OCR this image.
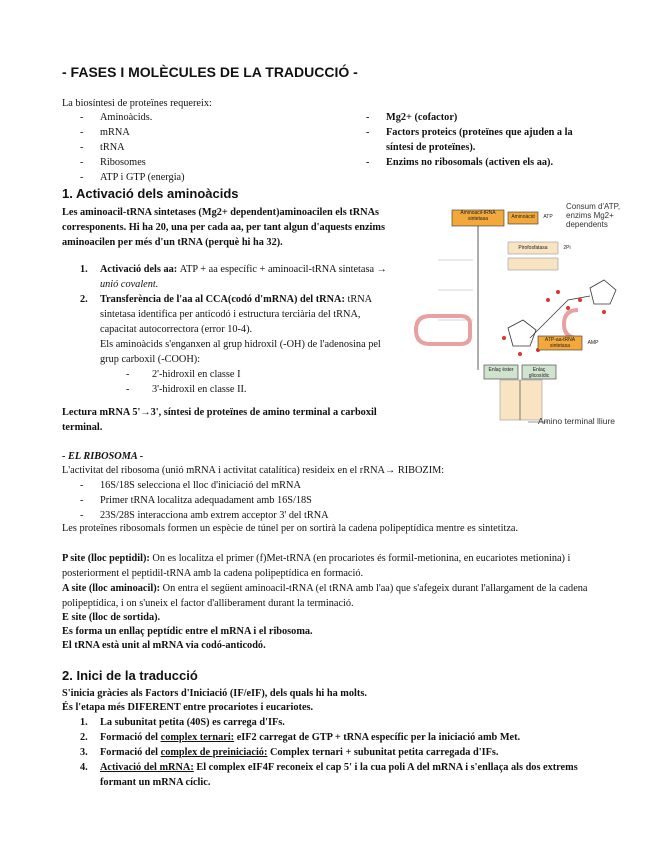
- FASES I MOLÈCULES DE LA TRADUCCIÓ -
La biosíntesi de proteïnes requereix:
- Aminoàcids.
- mRNA
- tRNA
- Ribosomes
- ATP i GTP (energia)
- Mg2+ (cofactor)
- Factors proteics (proteïnes que ajuden a la síntesi de proteïnes).
- Enzims no ribosomals (activen els aa).
1. Activació dels aminoàcids
Les aminoacil-tRNA sintetases (Mg2+ dependent)aminoacilen els tRNAs corresponents. Hi ha 20, una per cada aa, per tant algun d'aquests enzims aminoacilen per més d'un tRNA (perquè hi ha 32).
1. Activació dels aa: ATP + aa específic + aminoacil-tRNA sintetasa → unió covalent.
2. Transferència de l'aa al CCA(codó d'mRNA) del tRNA: tRNA sintetasa identifica per anticodó i estructura terciària del tRNA, capacitat autocorrectora (error 10-4).
Els aminoàcids s'enganxen al grup hidroxil (-OH) de l'adenosina pel grup carboxil (-COOH):
- 2'-hidroxil en classe I
- 3'-hidroxil en classe II.
Lectura mRNA 5'→3', síntesi de proteïnes de amino terminal a carboxil terminal.
Consum d'ATP, enzims Mg2+ dependents
Amino terminal lliure
Aminoacil-tRNA sintetasa	Aminoàcid	ATP
Pirofosfatasa	2Pi
ATP-aa-tRNA sintetasa	AMP
Enlaç èster	Enlaç glicosídic
- EL RIBOSOMA -
L'activitat del ribosoma (unió mRNA i activitat catalítica) resideix en el rRNA→ RIBOZIM:
- 16S/18S selecciona el lloc d'iniciació del mRNA
- Primer tRNA localitza adequadament amb 16S/18S
- 23S/28S interacciona amb extrem acceptor 3' del tRNA
Les proteïnes ribosomals formen un espècie de túnel per on sortirà la cadena polipeptídica mentre es sintetitza.
P site (lloc peptidil): On es localitza el primer (f)Met-tRNA (en procariotes és formil-metionina, en eucariotes metionina) i posteriorment el peptidil-tRNA amb la cadena polipeptídica en formació.
A site (lloc aminoacil): On entra el següent aminoacil-tRNA (el tRNA amb l'aa) que s'afegeix durant l'allargament de la cadena polipeptídica, i on s'uneix el factor d'alliberament durant la terminació.
E site (lloc de sortida).
Es forma un enllaç peptídic entre el mRNA i el ribosoma.
El tRNA està unit al mRNA via codó-anticodó.
2. Inici de la traducció
S'inicia gràcies als Factors d'Iniciació (IF/eIF), dels quals hi ha molts.
És l'etapa més DIFERENT entre procariotes i eucariotes.
1. La subunitat petita (40S) es carrega d'IFs.
2. Formació del complex ternari: eIF2 carregat de GTP + tRNA específic per la iniciació amb Met.
3. Formació del complex de preiniciació: Complex ternari + subunitat petita carregada d'IFs.
4. Activació del mRNA: El complex eIF4F reconeix el cap 5' i la cua poli A del mRNA i s'enllaça als dos extrems formant un mRNA cíclic.
